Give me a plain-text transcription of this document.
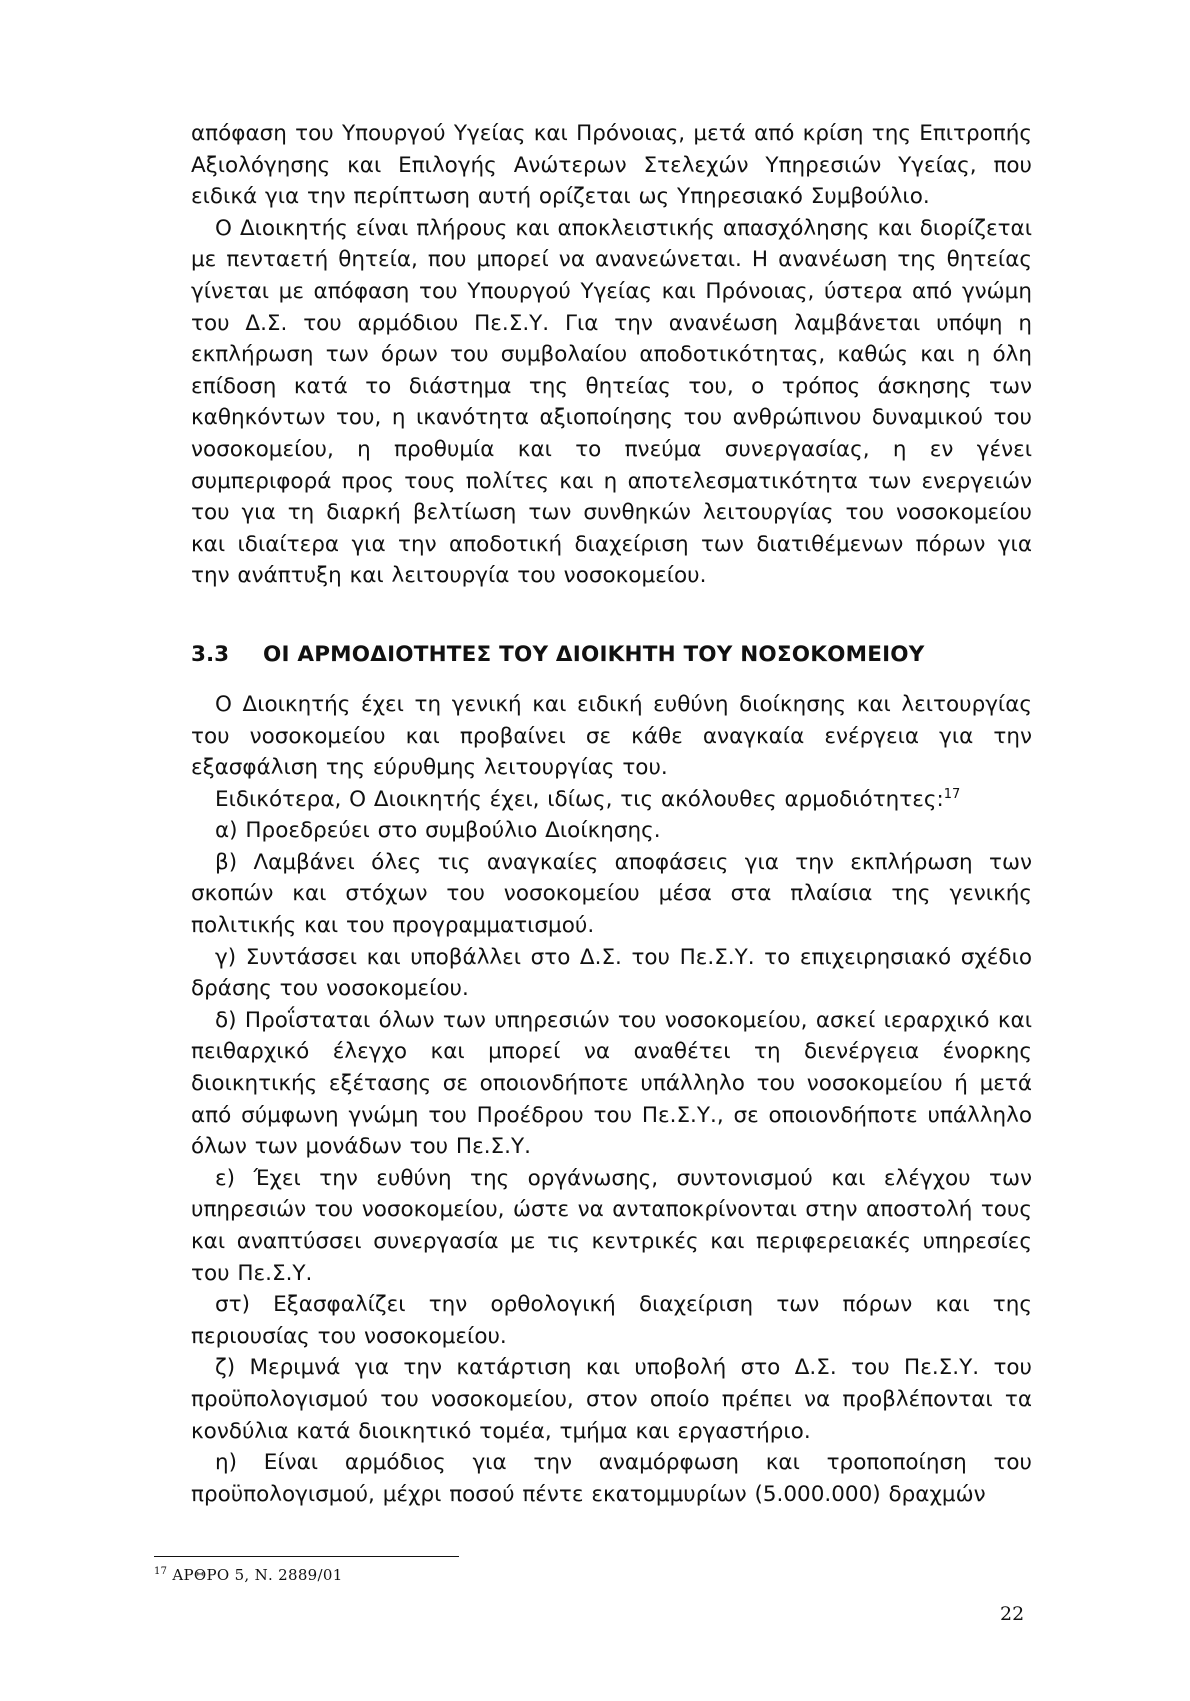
απόφαση του Υπουργού Υγείας και Πρόνοιας, μετά από κρίση της Επιτροπής Αξιολόγησης και Επιλογής Ανώτερων Στελεχών Υπηρεσιών Υγείας, που ειδικά για την περίπτωση αυτή ορίζεται ως Υπηρεσιακό Συμβούλιο.

Ο Διοικητής είναι πλήρους και αποκλειστικής απασχόλησης και διορίζεται με πενταετή θητεία, που μπορεί να ανανεώνεται. Η ανανέωση της θητείας γίνεται με απόφαση του Υπουργού Υγείας και Πρόνοιας, ύστερα από γνώμη του Δ.Σ. του αρμόδιου Πε.Σ.Υ. Για την ανανέωση λαμβάνεται υπόψη η εκπλήρωση των όρων του συμβολαίου αποδοτικότητας, καθώς και η όλη επίδοση κατά το διάστημα της θητείας του, ο τρόπος άσκησης των καθηκόντων του, η ικανότητα αξιοποίησης του ανθρώπινου δυναμικού του νοσοκομείου, η προθυμία και το πνεύμα συνεργασίας, η εν γένει συμπεριφορά προς τους πολίτες και η αποτελεσματικότητα των ενεργειών του για τη διαρκή βελτίωση των συνθηκών λειτουργίας του νοσοκομείου και ιδιαίτερα για την αποδοτική διαχείριση των διατιθέμενων πόρων για την ανάπτυξη και λειτουργία του νοσοκομείου.

3.3	ΟΙ ΑΡΜΟΔΙΟΤΗΤΕΣ ΤΟΥ ΔΙΟΙΚΗΤΗ ΤΟΥ ΝΟΣΟΚΟΜΕΙΟΥ

Ο Διοικητής έχει τη γενική και ειδική ευθύνη διοίκησης και λειτουργίας του νοσοκομείου και προβαίνει σε κάθε αναγκαία ενέργεια για την εξασφάλιση της εύρυθμης λειτουργίας του.

Ειδικότερα, Ο Διοικητής έχει, ιδίως, τις ακόλουθες αρμοδιότητες:$^{17}$

α) Προεδρεύει στο συμβούλιο Διοίκησης.

β) Λαμβάνει όλες τις αναγκαίες αποφάσεις για την εκπλήρωση των σκοπών και στόχων του νοσοκομείου μέσα στα πλαίσια της γενικής πολιτικής και του προγραμματισμού.

γ) Συντάσσει και υποβάλλει στο Δ.Σ. του Πε.Σ.Υ. το επιχειρησιακό σχέδιο δράσης του νοσοκομείου.

δ) Προΐσταται όλων των υπηρεσιών του νοσοκομείου, ασκεί ιεραρχικό και πειθαρχικό έλεγχο και μπορεί να αναθέτει τη διενέργεια ένορκης διοικητικής εξέτασης σε οποιονδήποτε υπάλληλο του νοσοκομείου ή μετά από σύμφωνη γνώμη του Προέδρου του Πε.Σ.Υ., σε οποιονδήποτε υπάλληλο όλων των μονάδων του Πε.Σ.Υ.

ε) Έχει την ευθύνη της οργάνωσης, συντονισμού και ελέγχου των υπηρεσιών του νοσοκομείου, ώστε να ανταποκρίνονται στην αποστολή τους και αναπτύσσει συνεργασία με τις κεντρικές και περιφερειακές υπηρεσίες του Πε.Σ.Υ.

στ) Εξασφαλίζει την ορθολογική διαχείριση των πόρων και της περιουσίας του νοσοκομείου.

ζ) Μεριμνά για την κατάρτιση και υποβολή στο Δ.Σ. του Πε.Σ.Υ. του προϋπολογισμού του νοσοκομείου, στον οποίο πρέπει να προβλέπονται τα κονδύλια κατά διοικητικό τομέα, τμήμα και εργαστήριο.

η) Είναι αρμόδιος για την αναμόρφωση και τροποποίηση του προϋπολογισμού, μέχρι ποσού πέντε εκατομμυρίων (5.000.000) δραχμών

$^{17}$ ΑΡΘΡΟ 5, Ν. 2889/01
22
